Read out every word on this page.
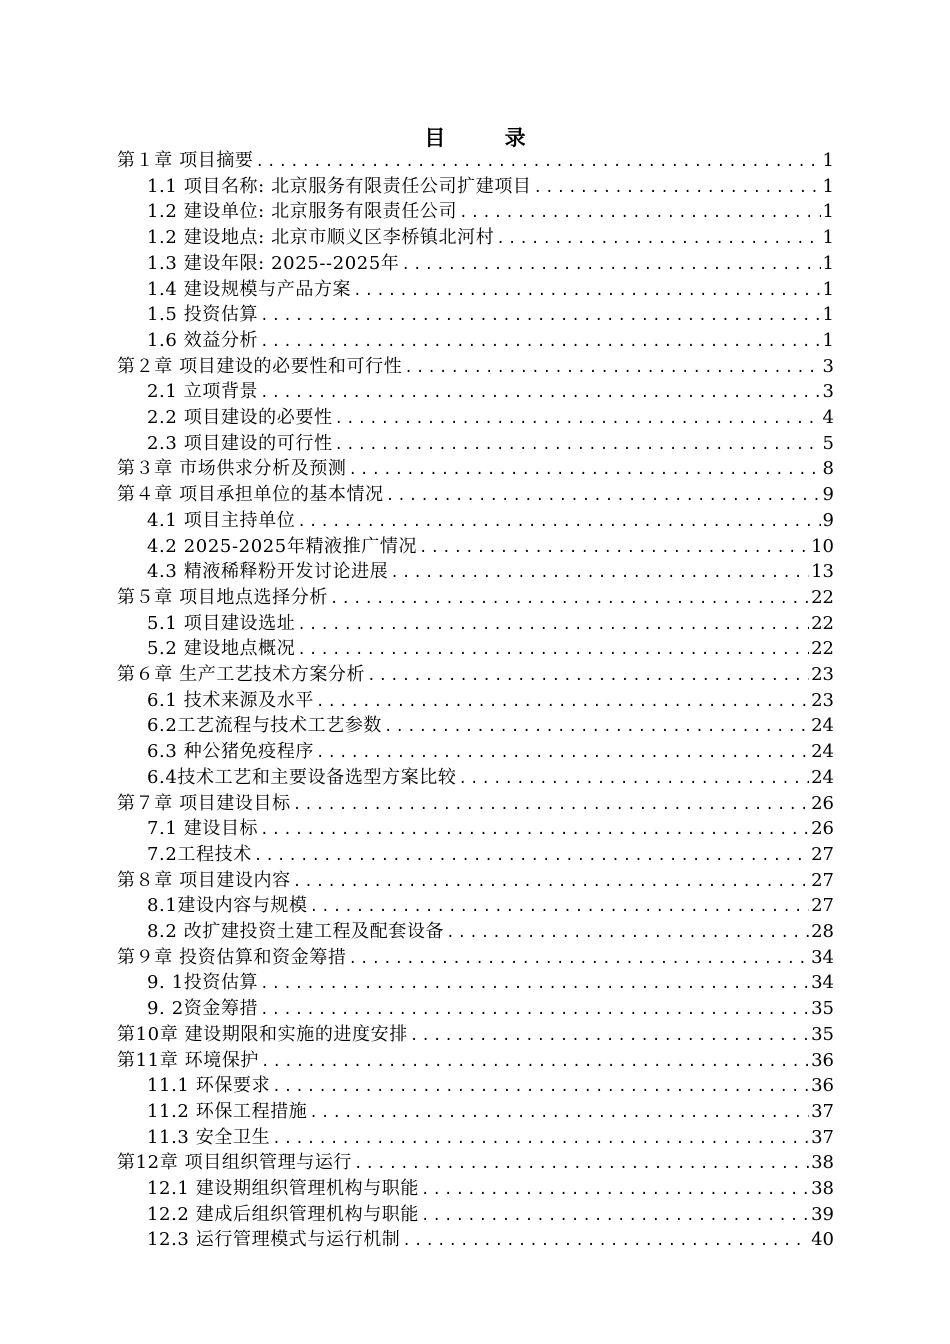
目 录
第１章 项目摘要 .....	1
1.1 项目名称: 北京服务有限责任公司扩建项目 .....	1
1.2 建设单位: 北京服务有限责任公司 .....	1
1.2 建设地点: 北京市顺义区李桥镇北河村 .....	1
1.3 建设年限: 2025--2025年 .....	1
1.4 建设规模与产品方案 .....	1
1.5 投资估算 .....	1
1.6 效益分析 .....	1
第２章 项目建设的必要性和可行性 .....	3
2.1 立项背景 .....	3
2.2 项目建设的必要性 .....	4
2.3 项目建设的可行性 .....	5
第３章 市场供求分析及预测 .....	8
第４章 项目承担单位的基本情况 .....	9
4.1 项目主持单位 .....	9
4.2 2025-2025年精液推广情况 .....	10
4.3 精液稀释粉开发讨论进展 .....	13
第５章 项目地点选择分析 .....	22
5.1 项目建设选址 .....	22
5.2 建设地点概况 .....	22
第６章 生产工艺技术方案分析 .....	23
6.1 技术来源及水平 .....	23
6.2工艺流程与技术工艺参数 .....	24
6.3 种公猪免疫程序 .....	24
6.4技术工艺和主要设备选型方案比较 .....	24
第７章 项目建设目标 .....	26
7.1 建设目标 .....	26
7.2工程技术 .....	27
第８章 项目建设内容 .....	27
8.1建设内容与规模 .....	27
8.2 改扩建投资土建工程及配套设备 .....	28
第９章 投资估算和资金筹措 .....	34
9. 1投资估算 .....	34
9. 2资金筹措 .....	35
第10章 建设期限和实施的进度安排 .....	35
第11章 环境保护 .....	36
11.1 环保要求 .....	36
11.2 环保工程措施 .....	37
11.3 安全卫生 .....	37
第12章 项目组织管理与运行 .....	38
12.1 建设期组织管理机构与职能 .....	38
12.2 建成后组织管理机构与职能 .....	39
12.3 运行管理模式与运行机制 .....	40
